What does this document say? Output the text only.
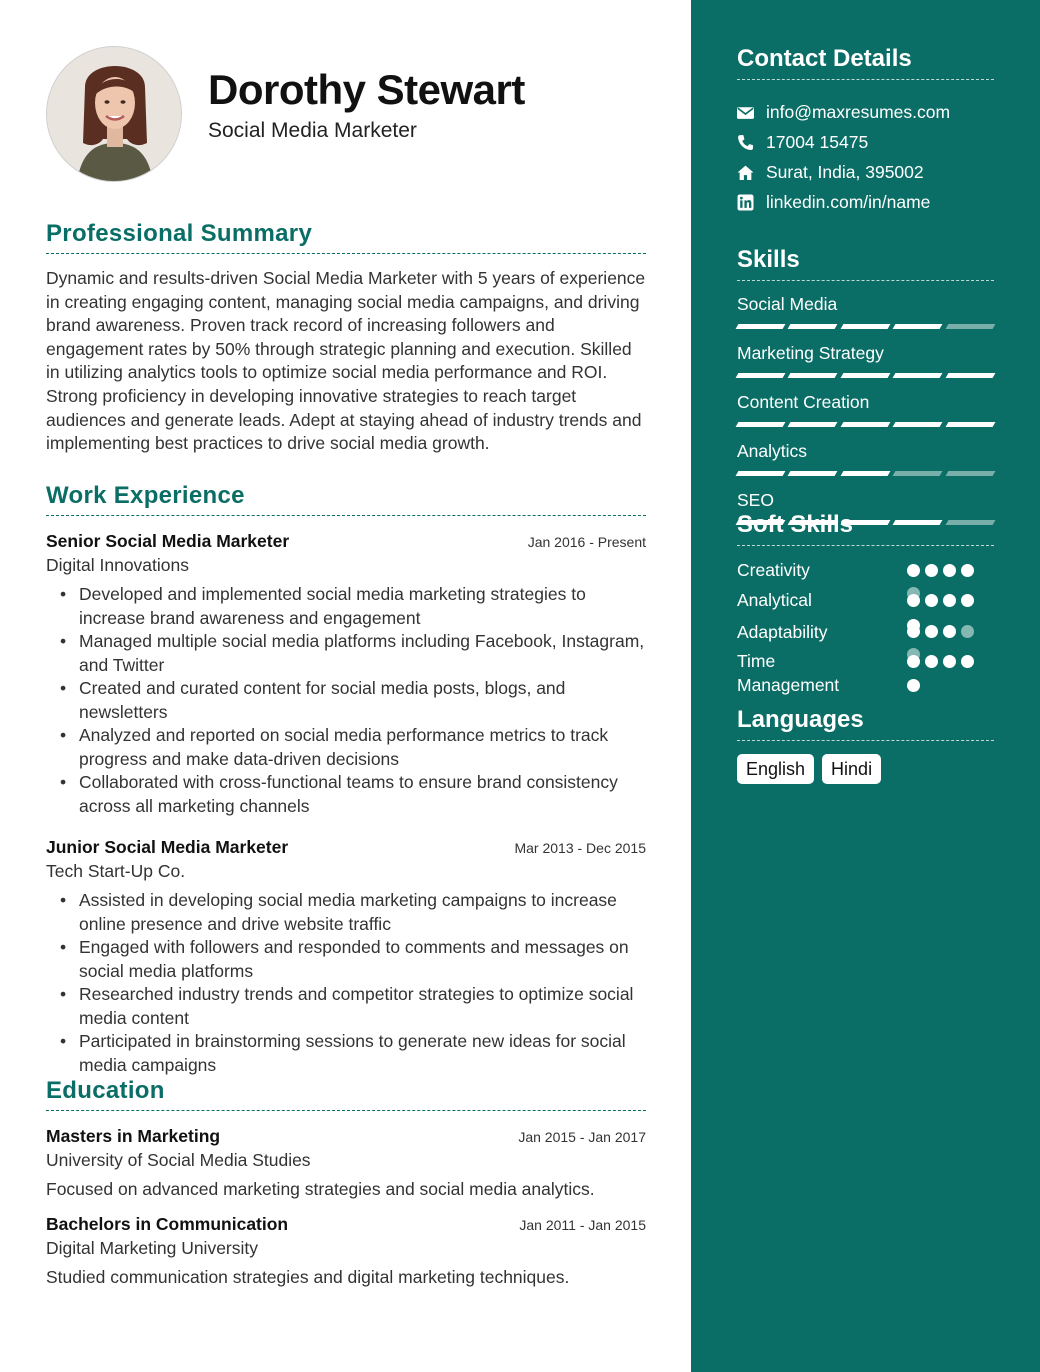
Dorothy Stewart
Social Media Marketer
Professional Summary

Dynamic and results-driven Social Media Marketer with 5 years of experience in creating engaging content, managing social media campaigns, and driving brand awareness. Proven track record of increasing followers and engagement rates by 50% through strategic planning and execution. Skilled in utilizing analytics tools to optimize social media performance and ROI. Strong proficiency in developing innovative strategies to reach target audiences and generate leads. Adept at staying ahead of industry trends and implementing best practices to drive social media growth.

Work Experience
Senior Social Media Marketer	Jan 2016 - Present
Digital Innovations
• Developed and implemented social media marketing strategies to increase brand awareness and engagement
• Managed multiple social media platforms including Facebook, Instagram, and Twitter
• Created and curated content for social media posts, blogs, and newsletters
• Analyzed and reported on social media performance metrics to track progress and make data-driven decisions
• Collaborated with cross-functional teams to ensure brand consistency across all marketing channels
Junior Social Media Marketer	Mar 2013 - Dec 2015
Tech Start-Up Co.
• Assisted in developing social media marketing campaigns to increase online presence and drive website traffic
• Engaged with followers and responded to comments and messages on social media platforms
• Researched industry trends and competitor strategies to optimize social media content
• Participated in brainstorming sessions to generate new ideas for social media campaigns
Education
Masters in Marketing	Jan 2015 - Jan 2017
University of Social Media Studies
Focused on advanced marketing strategies and social media analytics.
Bachelors in Communication	Jan 2011 - Jan 2015
Digital Marketing University
Studied communication strategies and digital marketing techniques.
Contact Details
info@maxresumes.com
17004 15475
Surat, India, 395002
linkedin.com/in/name
Skills
Social Media
Marketing Strategy
Content Creation
Analytics
SEO
Soft Skills
Creativity
Analytical
Adaptability
Time
Management
Languages
English	Hindi
